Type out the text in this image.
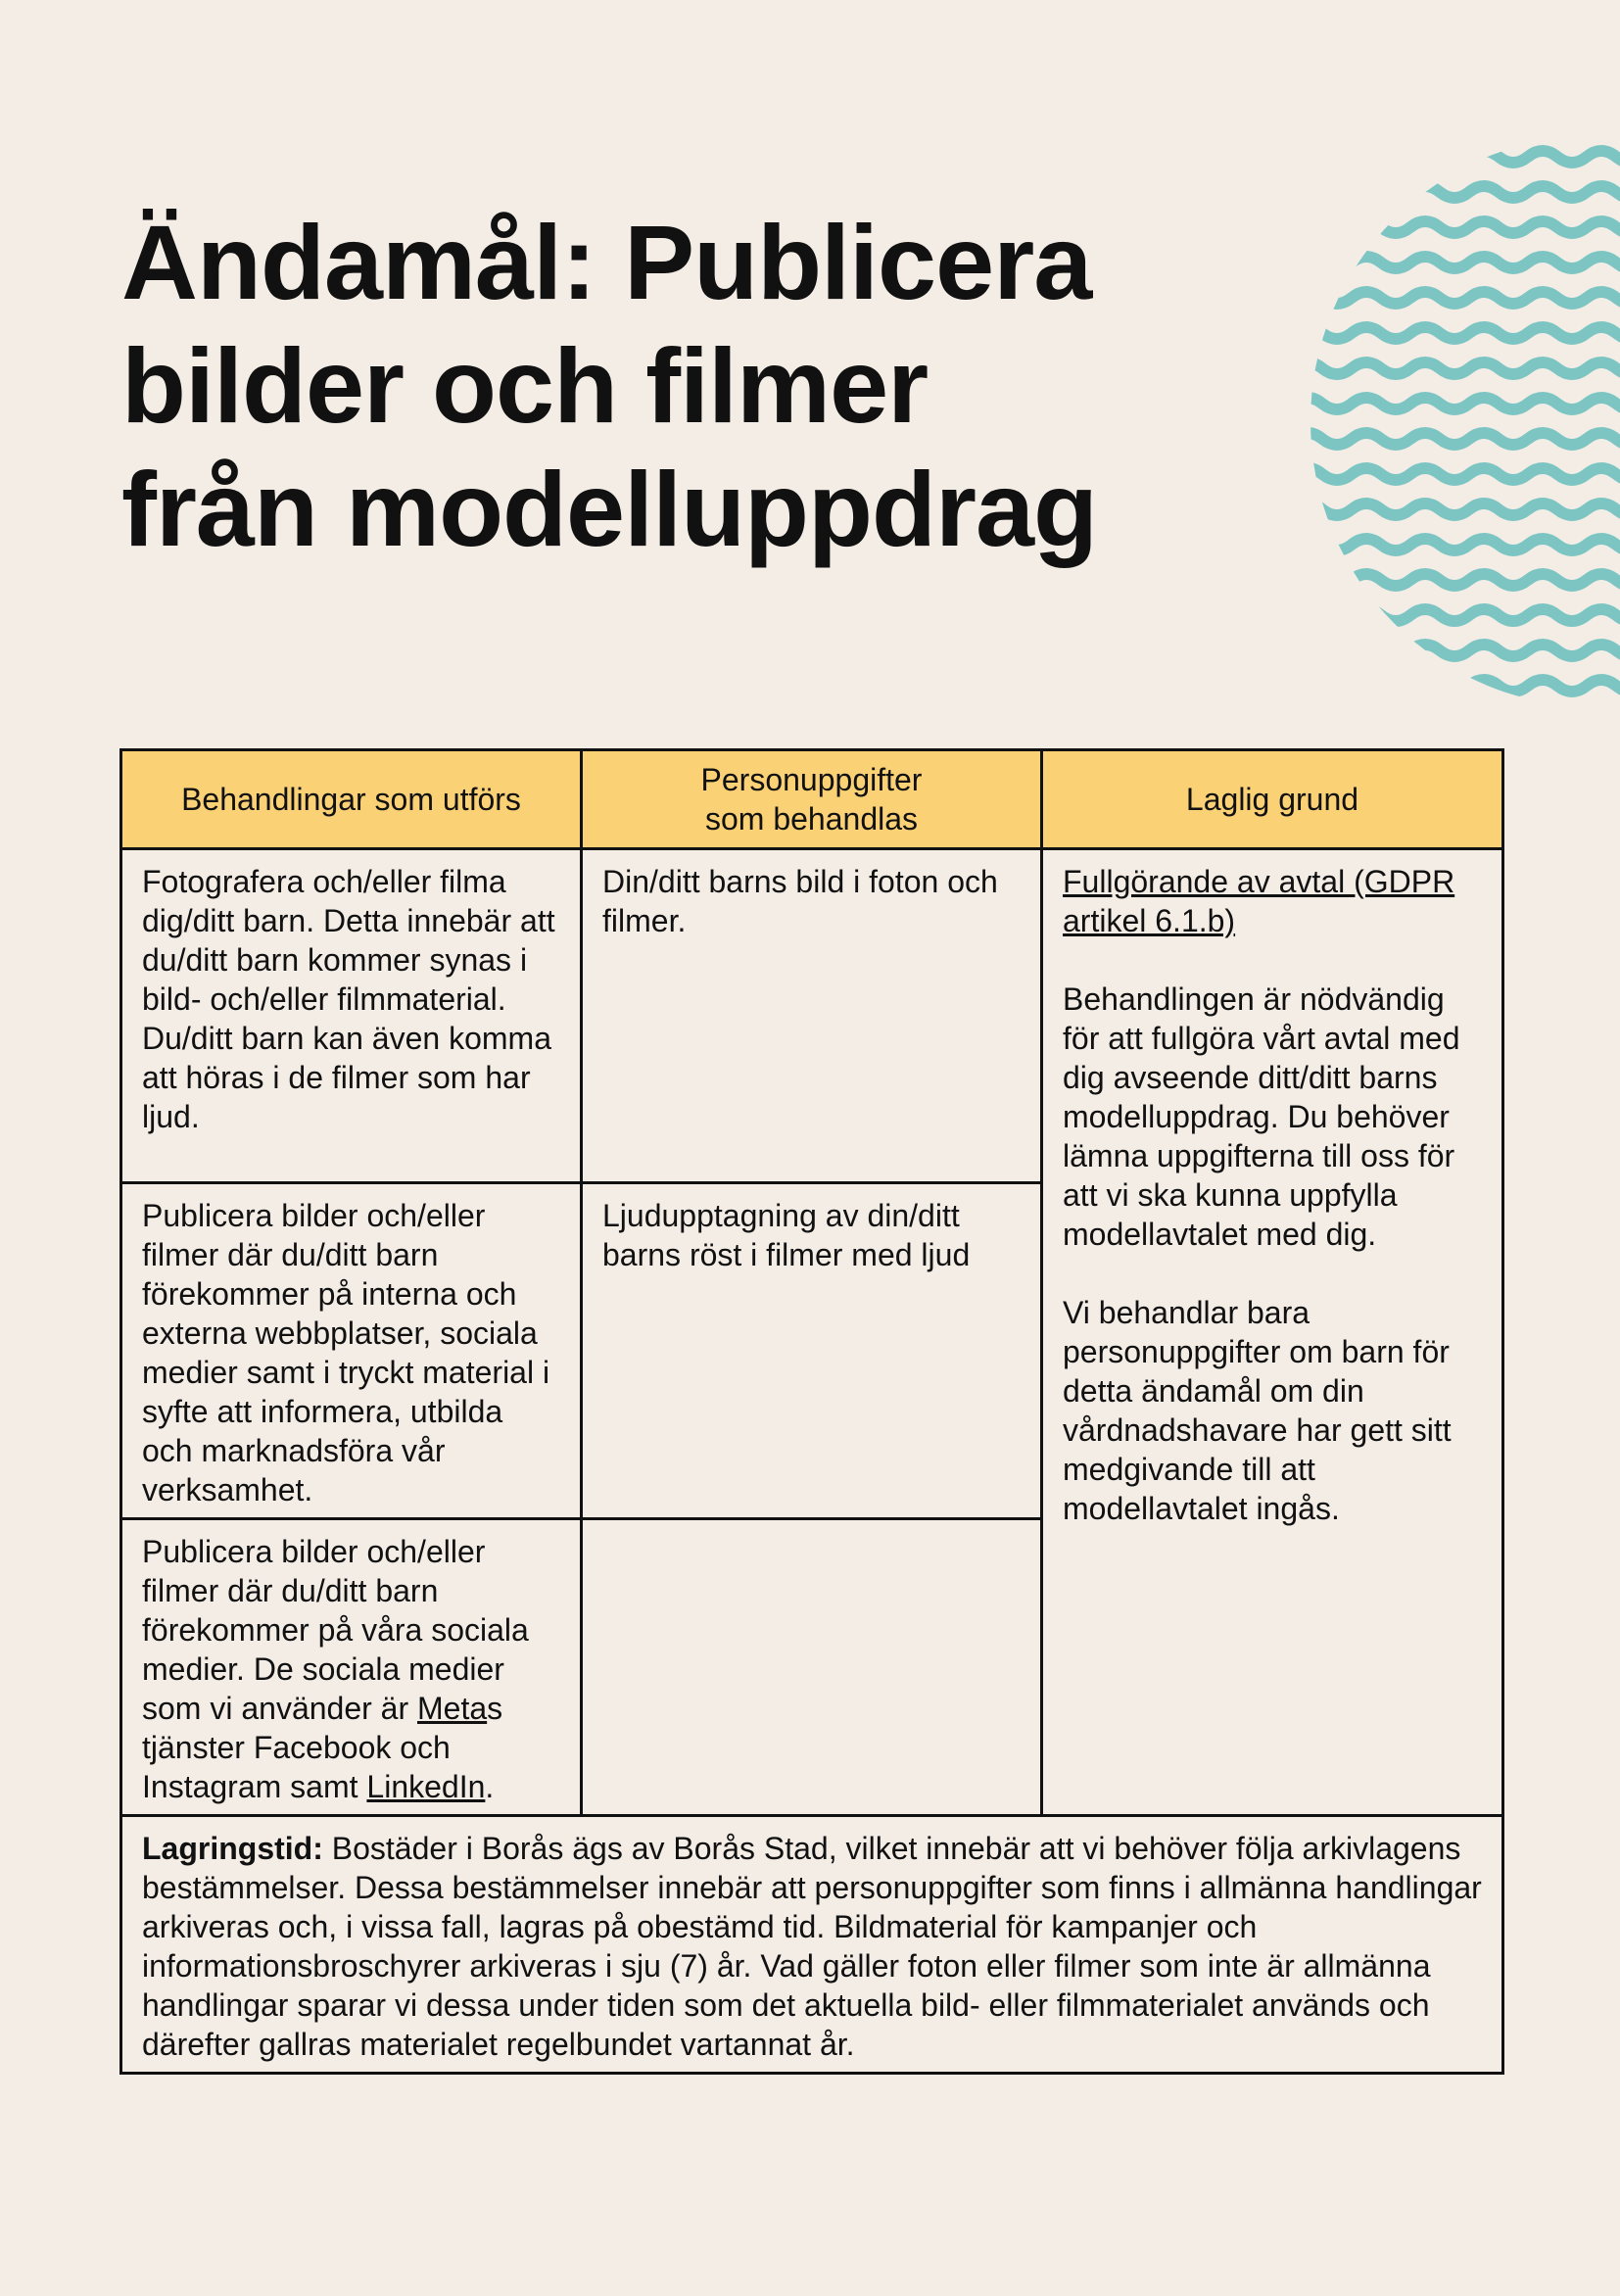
Ändamål: Publicera
bilder och filmer
från modelluppdrag
Behandlingar som utförs	Personuppgifter
som behandlas	Laglig grund
Fotografera och/eller filma dig/ditt barn. Detta innebär att du/ditt barn kommer synas i bild- och/eller filmmaterial. Du/ditt barn kan även komma att höras i de filmer som har ljud.	Din/ditt barns bild i foton och filmer.	Fullgörande av avtal (GDPR artikel 6.1.b)
Behandlingen är nödvändig för att fullgöra vårt avtal med dig avseende ditt/ditt barns modelluppdrag. Du behöver lämna uppgifterna till oss för att vi ska kunna uppfylla modellavtalet med dig.
Vi behandlar bara personuppgifter om barn för detta ändamål om din vårdnadshavare har gett sitt medgivande till att modellavtalet ingås.
Publicera bilder och/eller filmer där du/ditt barn förekommer på interna och externa webbplatser, sociala medier samt i tryckt material i syfte att informera, utbilda och marknadsföra vår verksamhet.	Ljudupptagning av din/ditt barns röst i filmer med ljud	
Publicera bilder och/eller filmer där du/ditt barn förekommer på våra sociala medier. De sociala medier som vi använder är Metas tjänster Facebook och Instagram samt LinkedIn.		
Lagringstid: Bostäder i Borås ägs av Borås Stad, vilket innebär att vi behöver följa arkivlagens bestämmelser. Dessa bestämmelser innebär att personuppgifter som finns i allmänna handlingar arkiveras och, i vissa fall, lagras på obestämd tid. Bildmaterial för kampanjer och informationsbroschyrer arkiveras i sju (7) år. Vad gäller foton eller filmer som inte är allmänna handlingar sparar vi dessa under tiden som det aktuella bild- eller filmmaterialet används och därefter gallras materialet regelbundet vartannat år.		
